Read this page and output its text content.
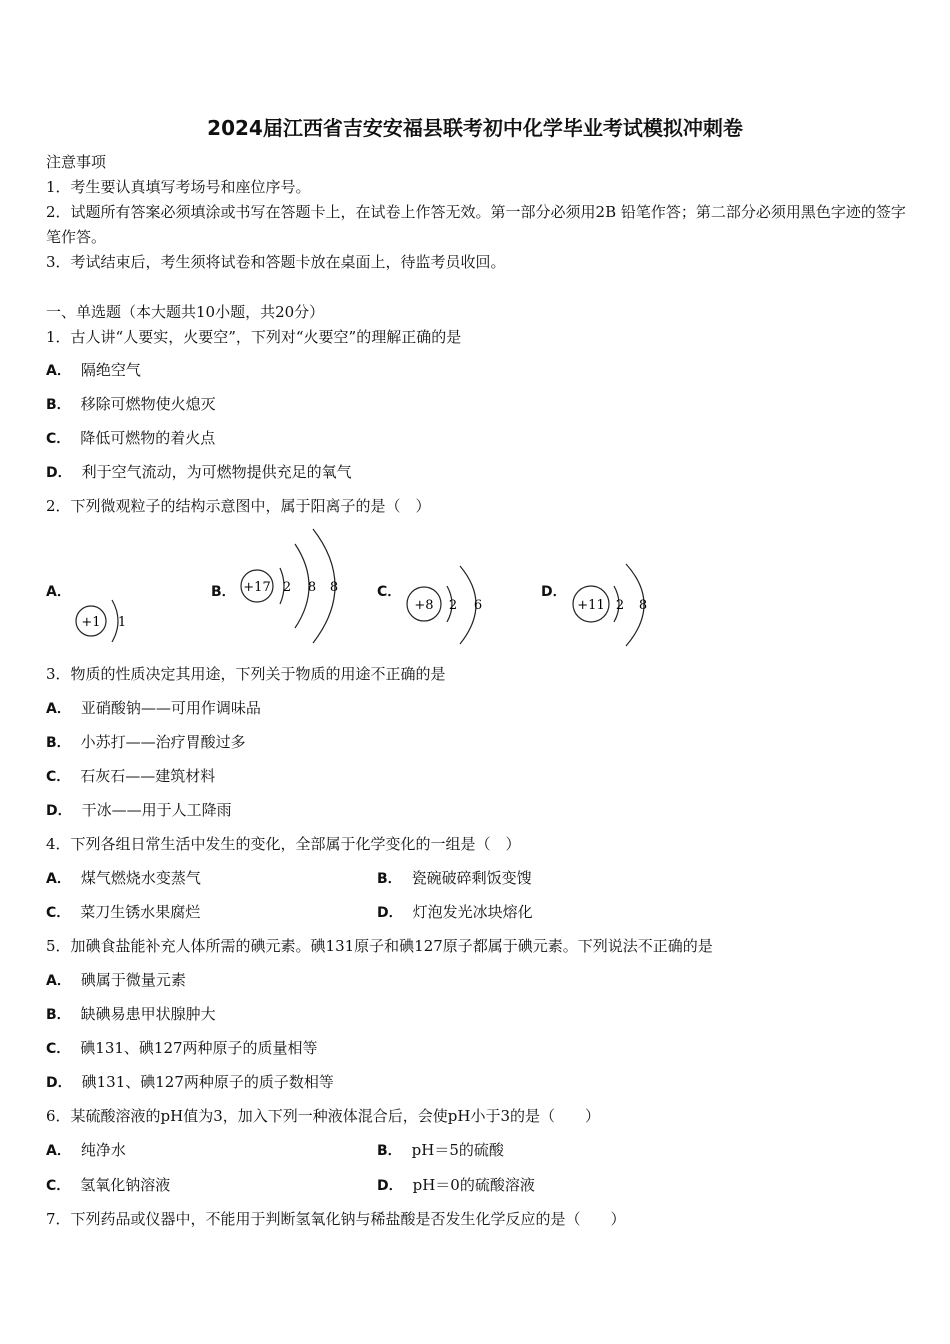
2024届江西省吉安安福县联考初中化学毕业考试模拟冲刺卷
注意事项
1．考生要认真填写考场号和座位序号。
2．试题所有答案必须填涂或书写在答题卡上，在试卷上作答无效。第一部分必须用2B 铅笔作答；第二部分必须用黑色字迹的签字笔作答。
3．考试结束后，考生须将试卷和答题卡放在桌面上，待监考员收回。
一、单选题（本大题共10小题，共20分）
1．古人讲“人要实，火要空”，下列对“火要空”的理解正确的是
A． 隔绝空气
B． 移除可燃物使火熄灭
C． 降低可燃物的着火点
D． 利于空气流动，为可燃物提供充足的氧气
2．下列微观粒子的结构示意图中，属于阳离子的是（　）
A．
+1 1
B． +17 2 8 8	C．
+8 2 6
D．
+11 2 8
3．物质的性质决定其用途，下列关于物质的用途不正确的是
A． 亚硝酸钠——可用作调味品
B． 小苏打——治疗胃酸过多
C． 石灰石——建筑材料
D． 干冰——用于人工降雨
4．下列各组日常生活中发生的变化，全部属于化学变化的一组是（　）
A． 煤气燃烧水变蒸气	B． 瓷碗破碎剩饭变馊
C． 菜刀生锈水果腐烂	D． 灯泡发光冰块熔化
5．加碘食盐能补充人体所需的碘元素。碘131原子和碘127原子都属于碘元素。下列说法不正确的是
A． 碘属于微量元素
B． 缺碘易患甲状腺肿大
C． 碘131、碘127两种原子的质量相等
D． 碘131、碘127两种原子的质子数相等
6．某硫酸溶液的pH值为3，加入下列一种液体混合后，会使pH小于3的是（　　）
A． 纯净水	B． pH＝5的硫酸
C． 氢氧化钠溶液	D． pH＝0的硫酸溶液
7．下列药品或仪器中，不能用于判断氢氧化钠与稀盐酸是否发生化学反应的是（　　）
